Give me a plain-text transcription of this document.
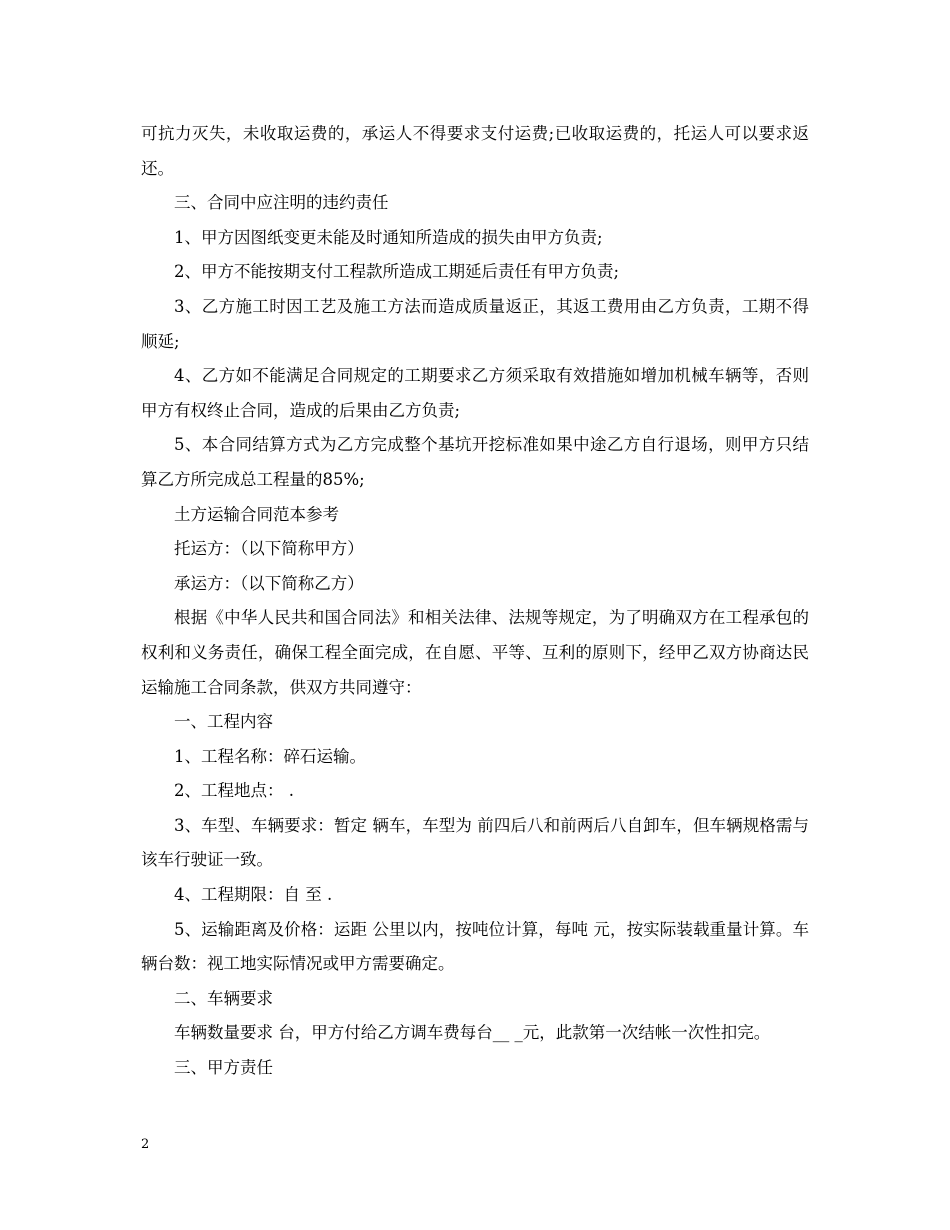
可抗力灭失，未收取运费的，承运人不得要求支付运费;已收取运费的，托运人可以要求返还。

三、合同中应注明的违约责任

1、甲方因图纸变更未能及时通知所造成的损失由甲方负责;

2、甲方不能按期支付工程款所造成工期延后责任有甲方负责;

3、乙方施工时因工艺及施工方法而造成质量返正，其返工费用由乙方负责，工期不得顺延;

4、乙方如不能满足合同规定的工期要求乙方须采取有效措施如增加机械车辆等，否则甲方有权终止合同，造成的后果由乙方负责;

5、本合同结算方式为乙方完成整个基坑开挖标准如果中途乙方自行退场，则甲方只结算乙方所完成总工程量的85%;

土方运输合同范本参考

托运方：（以下简称甲方）

承运方：（以下简称乙方）

根据《中华人民共和国合同法》和相关法律、法规等规定，为了明确双方在工程承包的权利和义务责任，确保工程全面完成，在自愿、平等、互利的原则下，经甲乙双方协商达民运输施工合同条款，供双方共同遵守：

一、工程内容

1、工程名称：碎石运输。

2、工程地点： .

3、车型、车辆要求：暂定 辆车，车型为 前四后八和前两后八自卸车，但车辆规格需与该车行驶证一致。

4、工程期限：自 至 .

5、运输距离及价格：运距 公里以内，按吨位计算，每吨 元，按实际装载重量计算。车辆台数：视工地实际情况或甲方需要确定。

二、车辆要求

车辆数量要求 台，甲方付给乙方调车费每台__ _元，此款第一次结帐一次性扣完。

三、甲方责任

2
